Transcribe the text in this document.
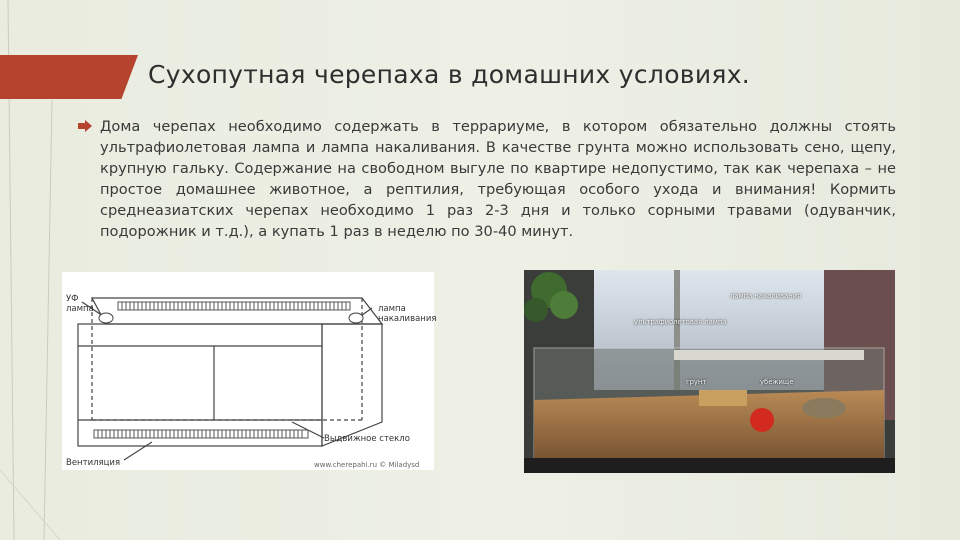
Сухопутная черепаха в домашних условиях.
Дома черепах необходимо содержать в террариуме, в котором обязательно должны стоять ультрафиолетовая лампа и лампа накаливания. В качестве грунта можно использовать сено, щепу, крупную гальку. Содержание на свободном выгуле по квартире недопустимо, так как черепаха – не простое домашнее животное, а рептилия, требующая особого ухода и внимания! Кормить среднеазиатских черепах необходимо 1 раз 2-3 дня и только сорными травами (одуванчик, подорожник и т.д.), а купать 1 раз в неделю по 30-40 минут.
УФ
лампа	лампа
накаливания
Выдвижное стекло
Вентиляция	www.cherepahi.ru © Miladysd
лампа накаливания
ультрафиолетовая лампа
грунт	убежище
